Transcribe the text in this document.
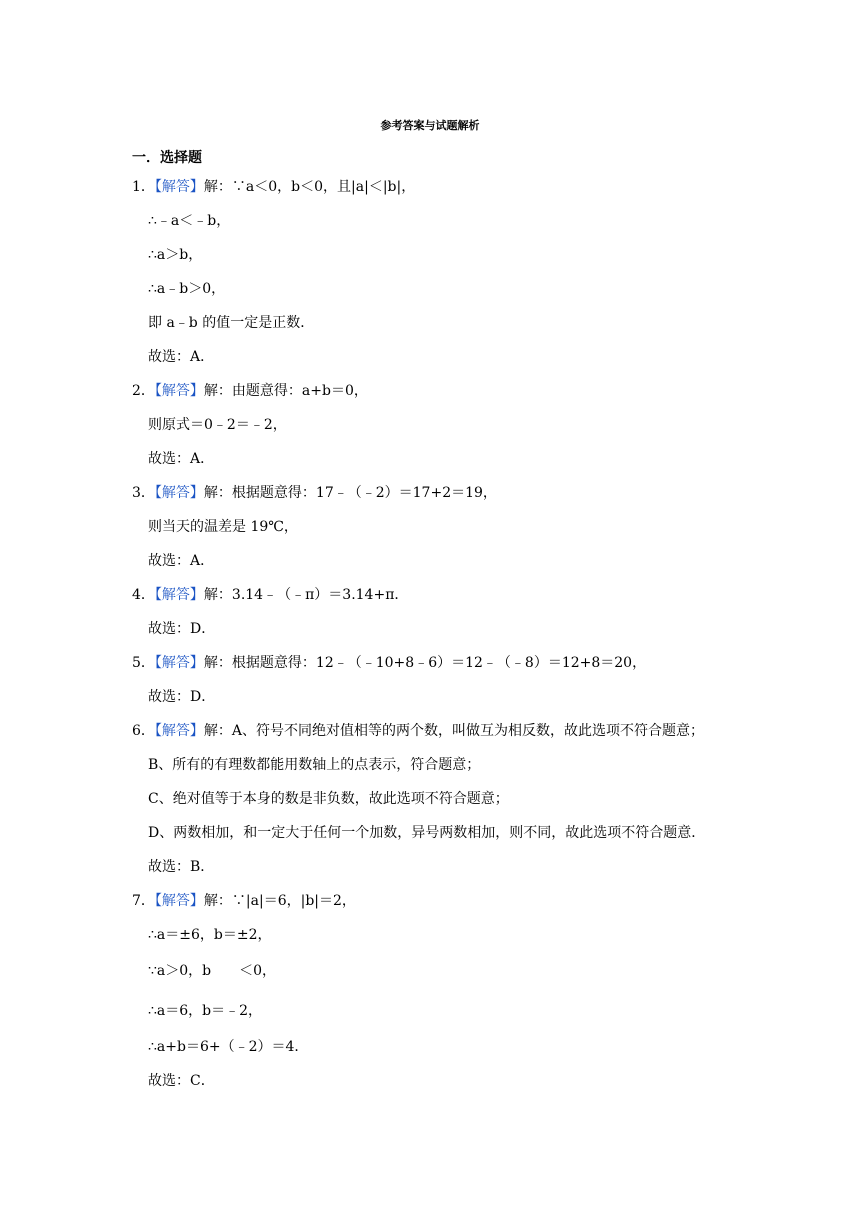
参考答案与试题解析
一．选择题
1．【解答】解：∵a＜0，b＜0，且|a|＜|b|，
∴﹣a＜﹣b，
∴a＞b，
∴a﹣b＞0，
即 a﹣b 的值一定是正数．
故选：A．
2．【解答】解：由题意得：a+b＝0，
则原式＝0﹣2＝﹣2，
故选：A．
3．【解答】解：根据题意得：17﹣（﹣2）＝17+2＝19，
则当天的温差是 19℃，
故选：A．
4．【解答】解：3.14﹣（﹣π）＝3.14+π．
故选：D．
5．【解答】解：根据题意得：12﹣（﹣10+8﹣6）＝12﹣（﹣8）＝12+8＝20，
故选：D．
6．【解答】解：A、符号不同绝对值相等的两个数，叫做互为相反数，故此选项不符合题意；
B、所有的有理数都能用数轴上的点表示，符合题意；
C、绝对值等于本身的数是非负数，故此选项不符合题意；
D、两数相加，和一定大于任何一个加数，异号两数相加，则不同，故此选项不符合题意．
故选：B．
7．【解答】解：∵|a|＝6，|b|＝2，
∴a＝±6，b＝±2，
∵a＞0，b　　＜0，
∴a＝6，b＝﹣2，
∴a+b＝6+（﹣2）＝4．
故选：C．
